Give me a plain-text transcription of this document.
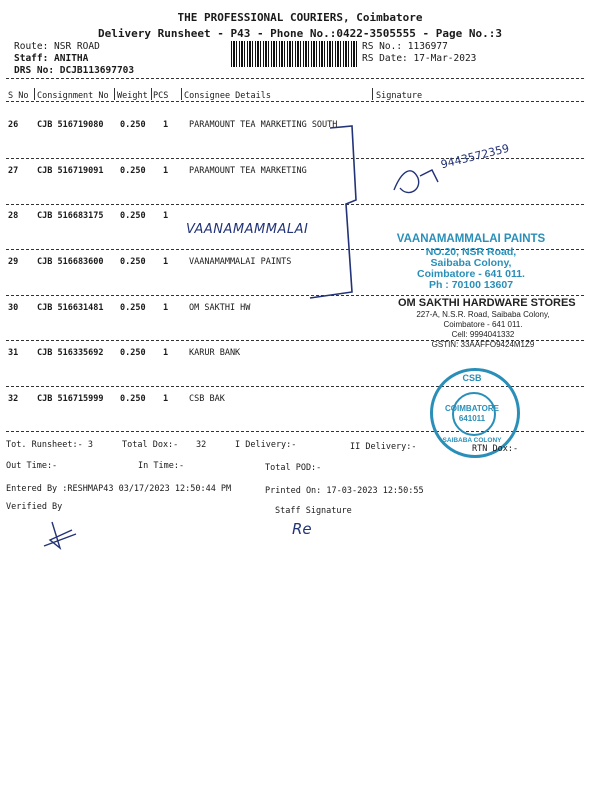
THE PROFESSIONAL COURIERS, Coimbatore
Delivery Runsheet - P43 - Phone No.:0422-3505555 - Page No.:3
Route: NSR ROAD
Staff: ANITHA
DRS No: DCJB113697703
RS No.: 1136977
RS Date: 17-Mar-2023
S No Consignment No Weight PCS Consignee Details	Signature
26 CJB 516719080 0.250 1 PARAMOUNT TEA MARKETING SOUTH
27 CJB 516719091 0.250 1 PARAMOUNT TEA MARKETING
28 CJB 516683175 0.250 1
VAANAMAMMALAI
29 CJB 516683600 0.250 1 VAANAMAMMALAI PAINTS
30 CJB 516631481 0.250 1 OM SAKTHI HW
31 CJB 516335692 0.250 1 KARUR BANK
32 CJB 516715999 0.250 1 CSB BAK
9443572359
VAANAMAMMALAI PAINTS
NO.20, NSR Road,
Saibaba Colony,
Coimbatore - 641 011.
Ph : 70100 13607
OM SAKTHI HARDWARE STORES
227-A, N.S.R. Road, Saibaba Colony,
Coimbatore - 641 011.
Cell: 9994041332
GSTIN: 33AAFFO9424M1Z9
CSB
COIMBATORE
641011
SAIBABA COLONY
Tot. Runsheet:- 3	Total Dox:- 32	I Delivery:-	II Delivery:-	RTN Dox:-
Out Time:-	In Time:-	Total POD:-
Entered By :RESHMAP43 03/17/2023 12:50:44 PM	Printed On: 17-03-2023 12:50:55
Verified By	Staff Signature
Re
